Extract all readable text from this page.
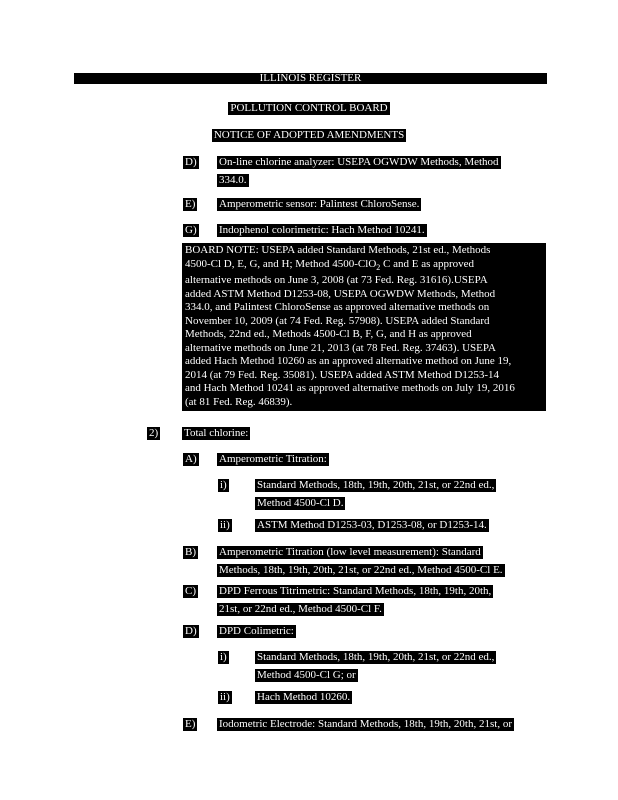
ILLINOIS REGISTER
POLLUTION CONTROL BOARD
NOTICE OF ADOPTED AMENDMENTS
D) On-line chlorine analyzer: USEPA OGWDW Methods, Method
334.0.
E) Amperometric sensor: Palintest ChloroSense.
G) Indophenol colorimetric: Hach Method 10241.
BOARD NOTE: USEPA added Standard Methods, 21st ed., Methods
4500-Cl D, E, G, and H; Method 4500-ClO$_2$ C and E as approved
alternative methods on June 3, 2008 (at 73 Fed. Reg. 31616).USEPA
added ASTM Method D1253-08, USEPA OGWDW Methods, Method
334.0, and Palintest ChloroSense as approved alternative methods on
November 10, 2009 (at 74 Fed. Reg. 57908). USEPA added Standard
Methods, 22nd ed., Methods 4500-Cl B, F, G, and H as approved
alternative methods on June 21, 2013 (at 78 Fed. Reg. 37463). USEPA
added Hach Method 10260 as an approved alternative method on June 19,
2014 (at 79 Fed. Reg. 35081). USEPA added ASTM Method D1253-14
and Hach Method 10241 as approved alternative methods on July 19, 2016
(at 81 Fed. Reg. 46839).
2) Total chlorine:
A) Amperometric Titration:
i)	Standard Methods, 18th, 19th, 20th, 21st, or 22nd ed.,
Method 4500-Cl D.
ii) ASTM Method D1253-03, D1253-08, or D1253-14.
B) Amperometric Titration (low level measurement): Standard
Methods, 18th, 19th, 20th, 21st, or 22nd ed., Method 4500-Cl E.
C) DPD Ferrous Titrimetric: Standard Methods, 18th, 19th, 20th,
21st, or 22nd ed., Method 4500-Cl F.
D) DPD Colimetric:
i)	Standard Methods, 18th, 19th, 20th, 21st, or 22nd ed.,
Method 4500-Cl G; or
ii) Hach Method 10260.
E) Iodometric Electrode: Standard Methods, 18th, 19th, 20th, 21st, or
